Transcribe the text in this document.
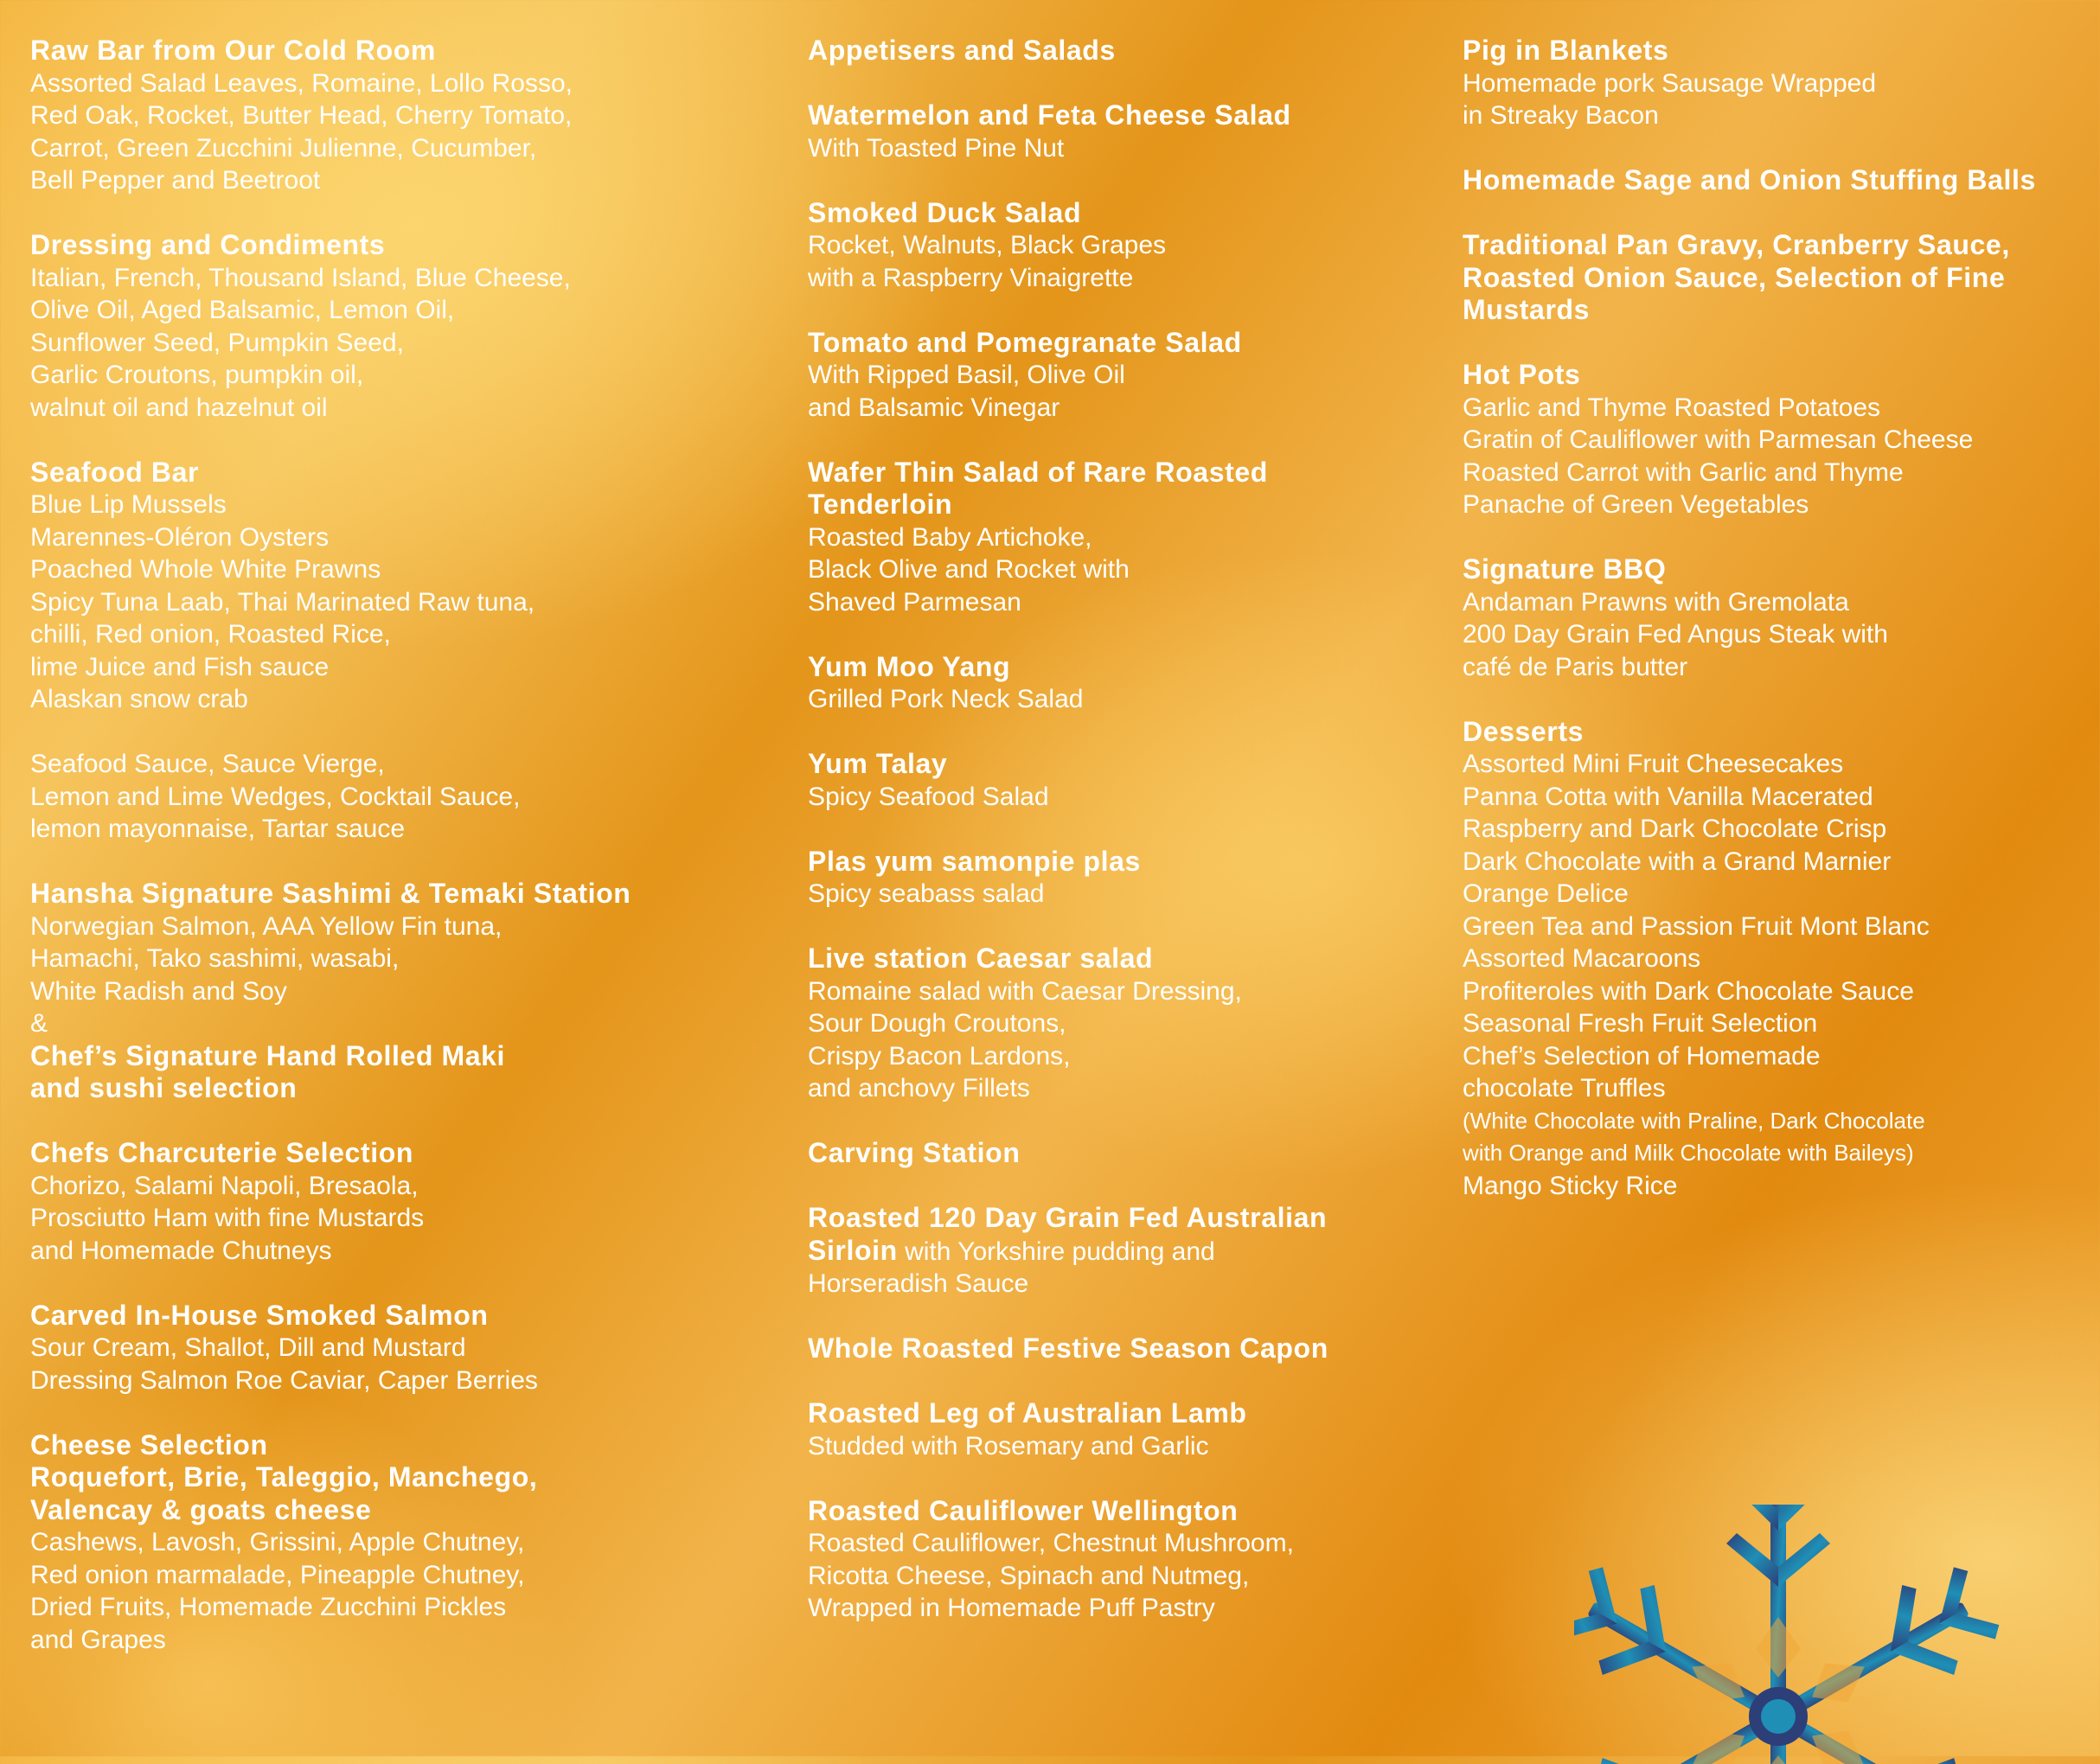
Raw Bar from Our Cold Room
Assorted Salad Leaves, Romaine, Lollo Rosso,
Red Oak, Rocket, Butter Head, Cherry Tomato,
Carrot, Green Zucchini Julienne, Cucumber,
Bell Pepper and Beetroot
Dressing and Condiments
Italian, French, Thousand Island, Blue Cheese,
Olive Oil, Aged Balsamic, Lemon Oil,
Sunflower Seed, Pumpkin Seed,
Garlic Croutons, pumpkin oil,
walnut oil and hazelnut oil
Seafood Bar
Blue Lip Mussels
Marennes-Oléron Oysters
Poached Whole White Prawns
Spicy Tuna Laab, Thai Marinated Raw tuna,
chilli, Red onion, Roasted Rice,
lime Juice and Fish sauce
Alaskan snow crab
Seafood Sauce, Sauce Vierge,
Lemon and Lime Wedges, Cocktail Sauce,
lemon mayonnaise, Tartar sauce
Hansha Signature Sashimi & Temaki Station
Norwegian Salmon, AAA Yellow Fin tuna,
Hamachi, Tako sashimi, wasabi,
White Radish and Soy
&
Chef’s Signature Hand Rolled Maki
and sushi selection
Chefs Charcuterie Selection
Chorizo, Salami Napoli, Bresaola,
Prosciutto Ham with fine Mustards
and Homemade Chutneys
Carved In-House Smoked Salmon
Sour Cream, Shallot, Dill and Mustard
Dressing Salmon Roe Caviar, Caper Berries
Cheese Selection
Roquefort, Brie, Taleggio, Manchego,
Valencay & goats cheese
Cashews, Lavosh, Grissini, Apple Chutney,
Red onion marmalade, Pineapple Chutney,
Dried Fruits, Homemade Zucchini Pickles
and Grapes
Appetisers and Salads
Watermelon and Feta Cheese Salad
With Toasted Pine Nut
Smoked Duck Salad
Rocket, Walnuts, Black Grapes
with a Raspberry Vinaigrette
Tomato and Pomegranate Salad
With Ripped Basil, Olive Oil
and Balsamic Vinegar
Wafer Thin Salad of Rare Roasted
Tenderloin
Roasted Baby Artichoke,
Black Olive and Rocket with
Shaved Parmesan
Yum Moo Yang
Grilled Pork Neck Salad
Yum Talay
Spicy Seafood Salad
Plas yum samonpie plas
Spicy seabass salad
Live station Caesar salad
Romaine salad with Caesar Dressing,
Sour Dough Croutons,
Crispy Bacon Lardons,
and anchovy Fillets
Carving Station
Roasted 120 Day Grain Fed Australian
Sirloin with Yorkshire pudding and
Horseradish Sauce
Whole Roasted Festive Season Capon
Roasted Leg of Australian Lamb
Studded with Rosemary and Garlic
Roasted Cauliflower Wellington
Roasted Cauliflower, Chestnut Mushroom,
Ricotta Cheese, Spinach and Nutmeg,
Wrapped in Homemade Puff Pastry
Pig in Blankets
Homemade pork Sausage Wrapped
in Streaky Bacon
Homemade Sage and Onion Stuffing Balls
Traditional Pan Gravy, Cranberry Sauce,
Roasted Onion Sauce, Selection of Fine
Mustards
Hot Pots
Garlic and Thyme Roasted Potatoes
Gratin of Cauliflower with Parmesan Cheese
Roasted Carrot with Garlic and Thyme
Panache of Green Vegetables
Signature BBQ
Andaman Prawns with Gremolata
200 Day Grain Fed Angus Steak with
café de Paris butter
Desserts
Assorted Mini Fruit Cheesecakes
Panna Cotta with Vanilla Macerated
Raspberry and Dark Chocolate Crisp
Dark Chocolate with a Grand Marnier
Orange Delice
Green Tea and Passion Fruit Mont Blanc
Assorted Macaroons
Profiteroles with Dark Chocolate Sauce
Seasonal Fresh Fruit Selection
Chef’s Selection of Homemade
chocolate Truffles
(White Chocolate with Praline, Dark Chocolate
with Orange and Milk Chocolate with Baileys)
Mango Sticky Rice
